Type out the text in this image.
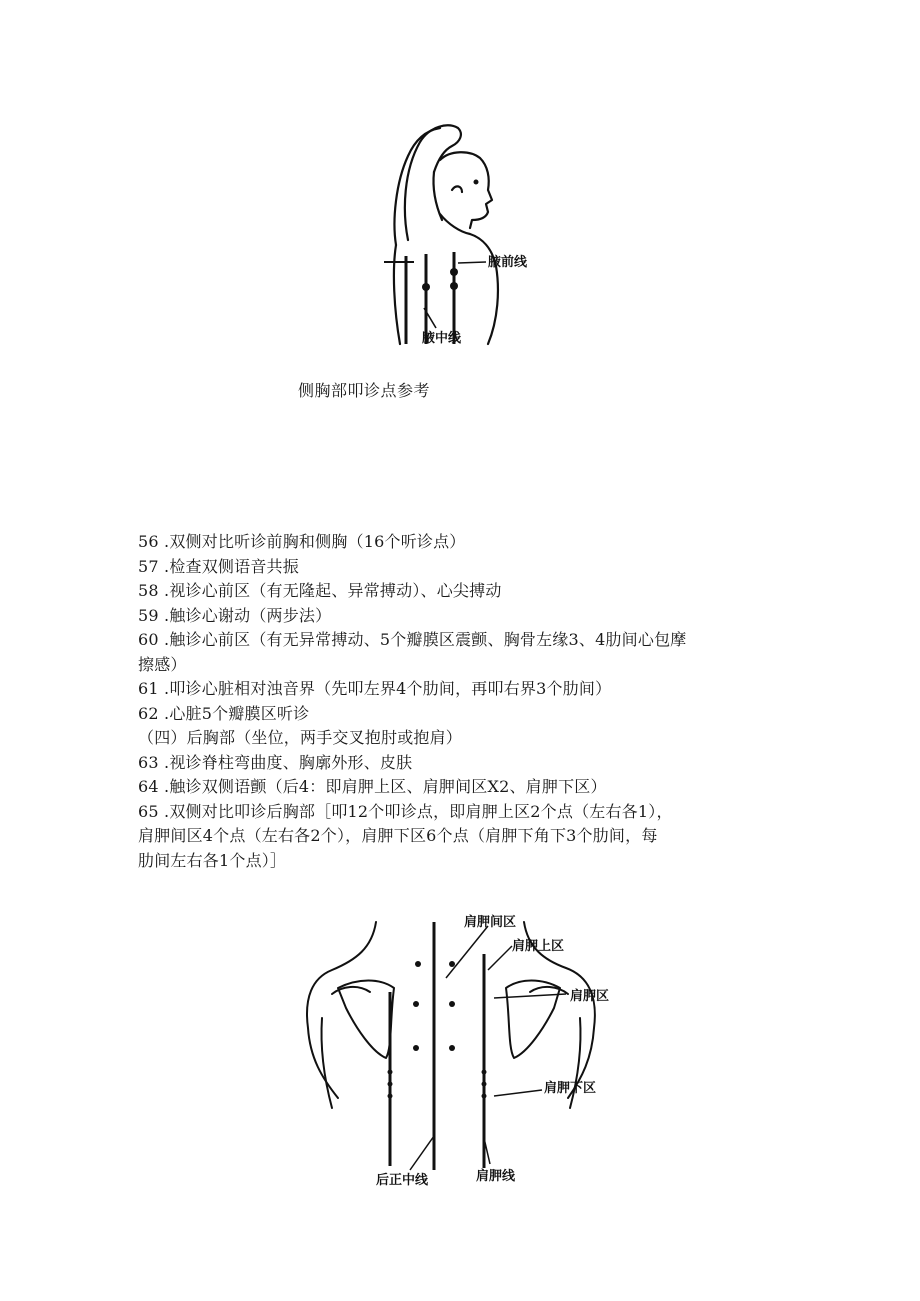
腋前线
腋中线
侧胸部叩诊点参考
56 .双侧对比听诊前胸和侧胸（16个听诊点）
57 .检查双侧语音共振
58 .视诊心前区（有无隆起、异常搏动）、心尖搏动
59 .触诊心谢动（两步法）
60 .触诊心前区（有无异常搏动、5个瓣膜区震颤、胸骨左缘3、4肋间心包摩
擦感）
61 .叩诊心脏相对浊音界（先叩左界4个肋间，再叩右界3个肋间）
62 .心脏5个瓣膜区听诊
（四）后胸部（坐位，两手交叉抱肘或抱肩）
63 .视诊脊柱弯曲度、胸廓外形、皮肤
64 .触诊双侧语颤（后4：即肩胛上区、肩胛间区X2、肩胛下区）
65 .双侧对比叩诊后胸部［叩12个叩诊点，即肩胛上区2个点（左右各1），
肩胛间区4个点（左右各2个），肩胛下区6个点（肩胛下角下3个肋间，每
肋间左右各1个点）］
肩胛间区
肩胛上区
肩胛区
肩胛下区
后正中线	肩胛线
